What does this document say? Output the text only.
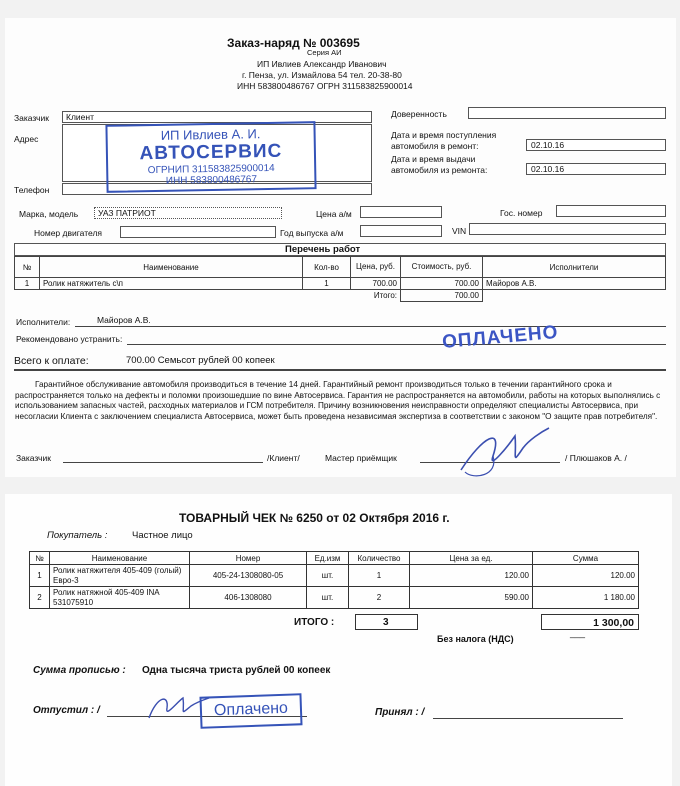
Заказ-наряд № 003695
Серия АИ
ИП Ивлиев Александр Иванович
г. Пенза, ул. Измайлова 54 тел. 20-38-80
ИНН 583800486767 ОГРН 311583825900014
Заказчик Клиент
Адрес
Телефон
Доверенность
Дата и время поступления
автомобиля в ремонт:	02.10.16
Дата и время выдачи
автомобиля из ремонта:	02.10.16
Марка, модель УАЗ ПАТРИОТ	Цена а/м	Гос. номер
Номер двигателя	Год выпуска а/м	VIN
Перечень работ
№	Наименование	Кол-во	Цена, руб.	Стоимость, руб.	Исполнители
1	Ролик натяжитель с\п	1	700.00	700.00	Майоров А.В.
			Итого:	700.00	
Исполнители:	Майоров А.В.
Рекомендовано устранить:
Всего к оплате:	700.00 Семьсот рублей 00 копеек
Гарантийное обслуживание автомобиля производиться в течение 14 дней. Гарантийный ремонт производиться только в течении гарантийного срока и распространяется только на дефекты и поломки произошедшие по вине Автосервиса. Гарантия не распространяется на автомобили, работы на которых выполнялись с использованием запасных частей, расходных материалов и ГСМ потребителя. Причину возникновения неисправности определяют специалисты Автосервиса, при несогласии Клиента с заключением специалиста Автосервиса, может быть проведена независимая экспертиза в соответствии с законом "О защите прав потребителя".
Заказчик	/Клиент/	Мастер приёмщик	/ Плюшаков А. /
ИП Ивлиев А. И.
АВТОСЕРВИС
ОГРНИП 311583825900014
ИНН 583800486767
ОПЛАЧЕНО
ТОВАРНЫЙ ЧЕК № 6250 от 02 Октября 2016 г.
Покупатель :	Частное лицо
№	Наименование	Номер	Ед.изм	Количество	Цена за ед.	Сумма
1	Ролик натяжителя 405-409 (голый) Евро-3	405-24-1308080-05	шт.	1	120.00	120.00
2	Ролик натяжной 405-409 INA 531075910	406-1308080	шт.	2	590.00	1 180.00
ИТОГО :	3	1 300,00
Без налога (НДС)
___
Сумма прописью : Одна тысяча триста рублей 00 копеек
Отпустил : /	Принял : /
Оплачено
